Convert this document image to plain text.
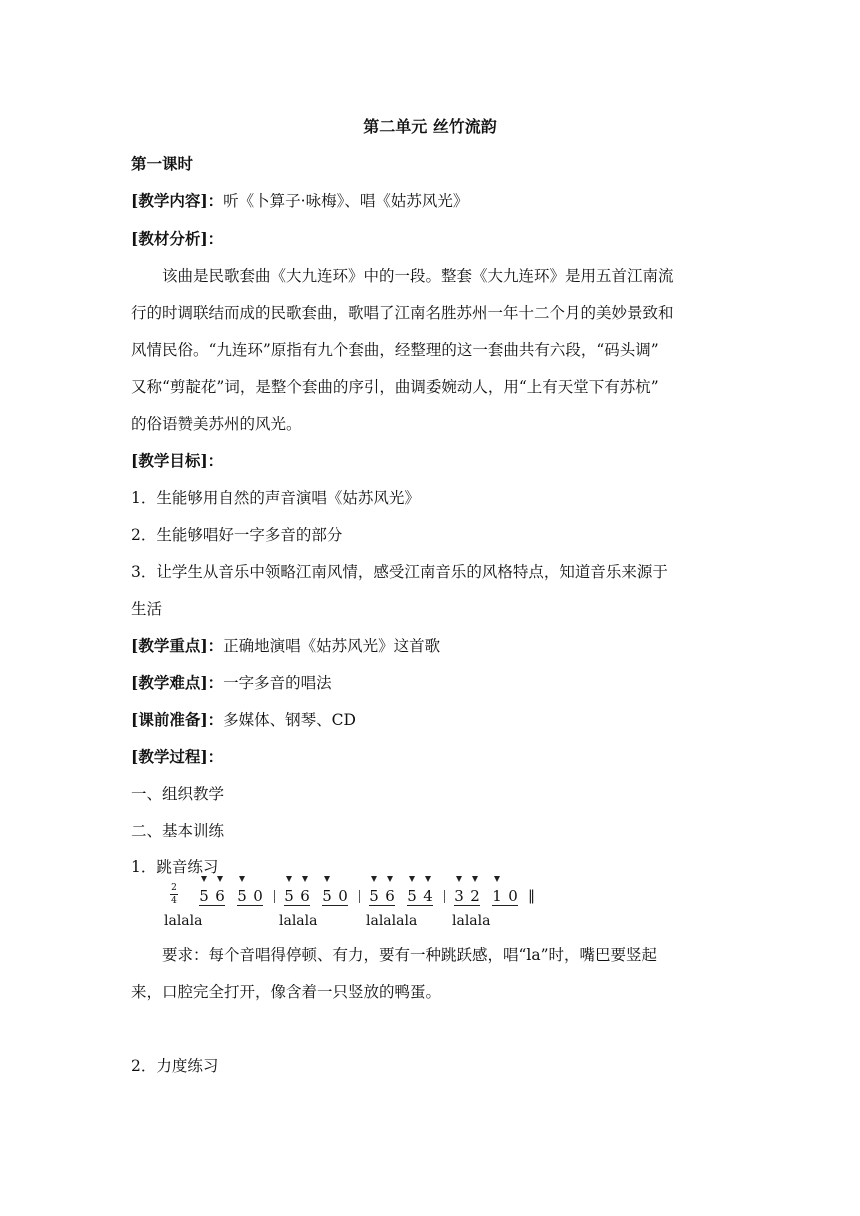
第二单元 丝竹流韵
第一课时
[教学内容]：听《卜算子·咏梅》、唱《姑苏风光》
[教材分析]：
该曲是民歌套曲《大九连环》中的一段。整套《大九连环》是用五首江南流
行的时调联结而成的民歌套曲，歌唱了江南名胜苏州一年十二个月的美妙景致和
风情民俗。“九连环”原指有九个套曲，经整理的这一套曲共有六段，“码头调”
又称“剪靛花”词，是整个套曲的序引，曲调委婉动人，用“上有天堂下有苏杭”
的俗语赞美苏州的风光。
[教学目标]：
1．生能够用自然的声音演唱《姑苏风光》
2．生能够唱好一字多音的部分
3．让学生从音乐中领略江南风情，感受江南音乐的风格特点，知道音乐来源于
生活
[教学重点]：正确地演唱《姑苏风光》这首歌
[教学难点]：一字多音的唱法
[课前准备]：多媒体、钢琴、CD
[教学过程]：
一、组织教学
二、基本训练
1．跳音练习
2
4	‖
5 6 5 0 5 6 5 0 5 6 5 4 3 2 1 0
lalala	lalala	lalalala lalala
要求：每个音唱得停顿、有力，要有一种跳跃感，唱“la”时，嘴巴要竖起
来，口腔完全打开，像含着一只竖放的鸭蛋。
2．力度练习
